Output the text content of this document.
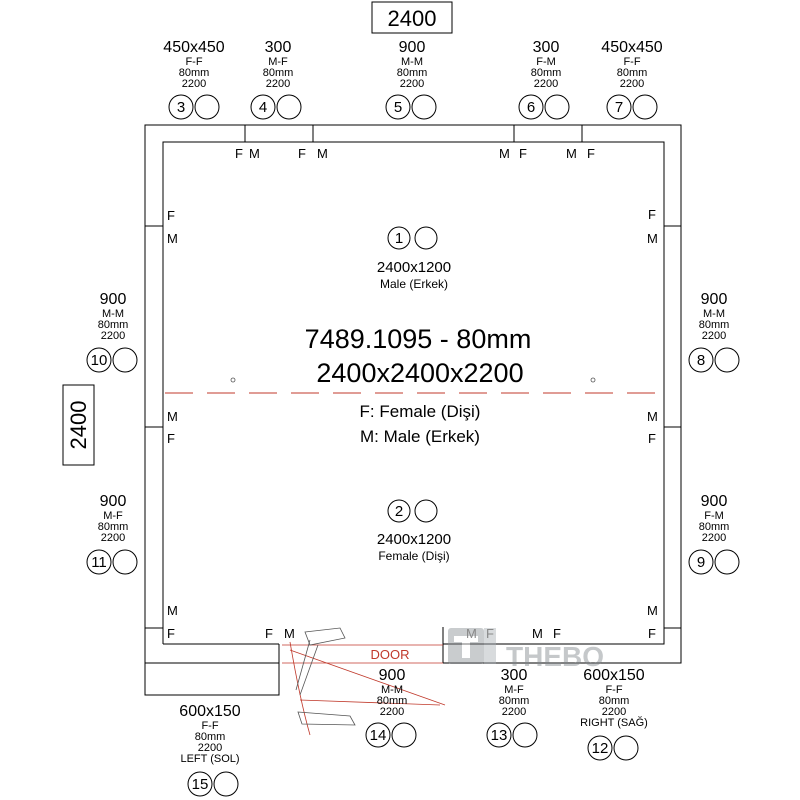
2400
2400
DOOR	THEBO
7489.1095 - 80mm
2400x2400x2200
F: Female (Dişi)
M: Male (Erkek)
1
2400x1200
Male (Erkek)
2
2400x1200
Female (Dişi)
F M	F M	M F	M F
F
M
M
F
M
F
F
M
M
F
M
F
F M	M F	M F
450x450
F-F
80mm
2200
3
300
M-F
80mm
2200
4
900
M-M
80mm
2200
5
300
F-M
80mm
2200
6
450x450
F-F
80mm
2200
7
900
M-M
80mm
2200
8
900
F-M
80mm
2200
9
900
M-M
80mm
2200
10
900
M-F
80mm
2200
11
600x150
F-F
80mm
2200
RIGHT (SAĞ)
12
300
M-F
80mm
2200
13
900
M-M
80mm
2200
14
600x150
F-F
80mm
2200
LEFT (SOL)
15
